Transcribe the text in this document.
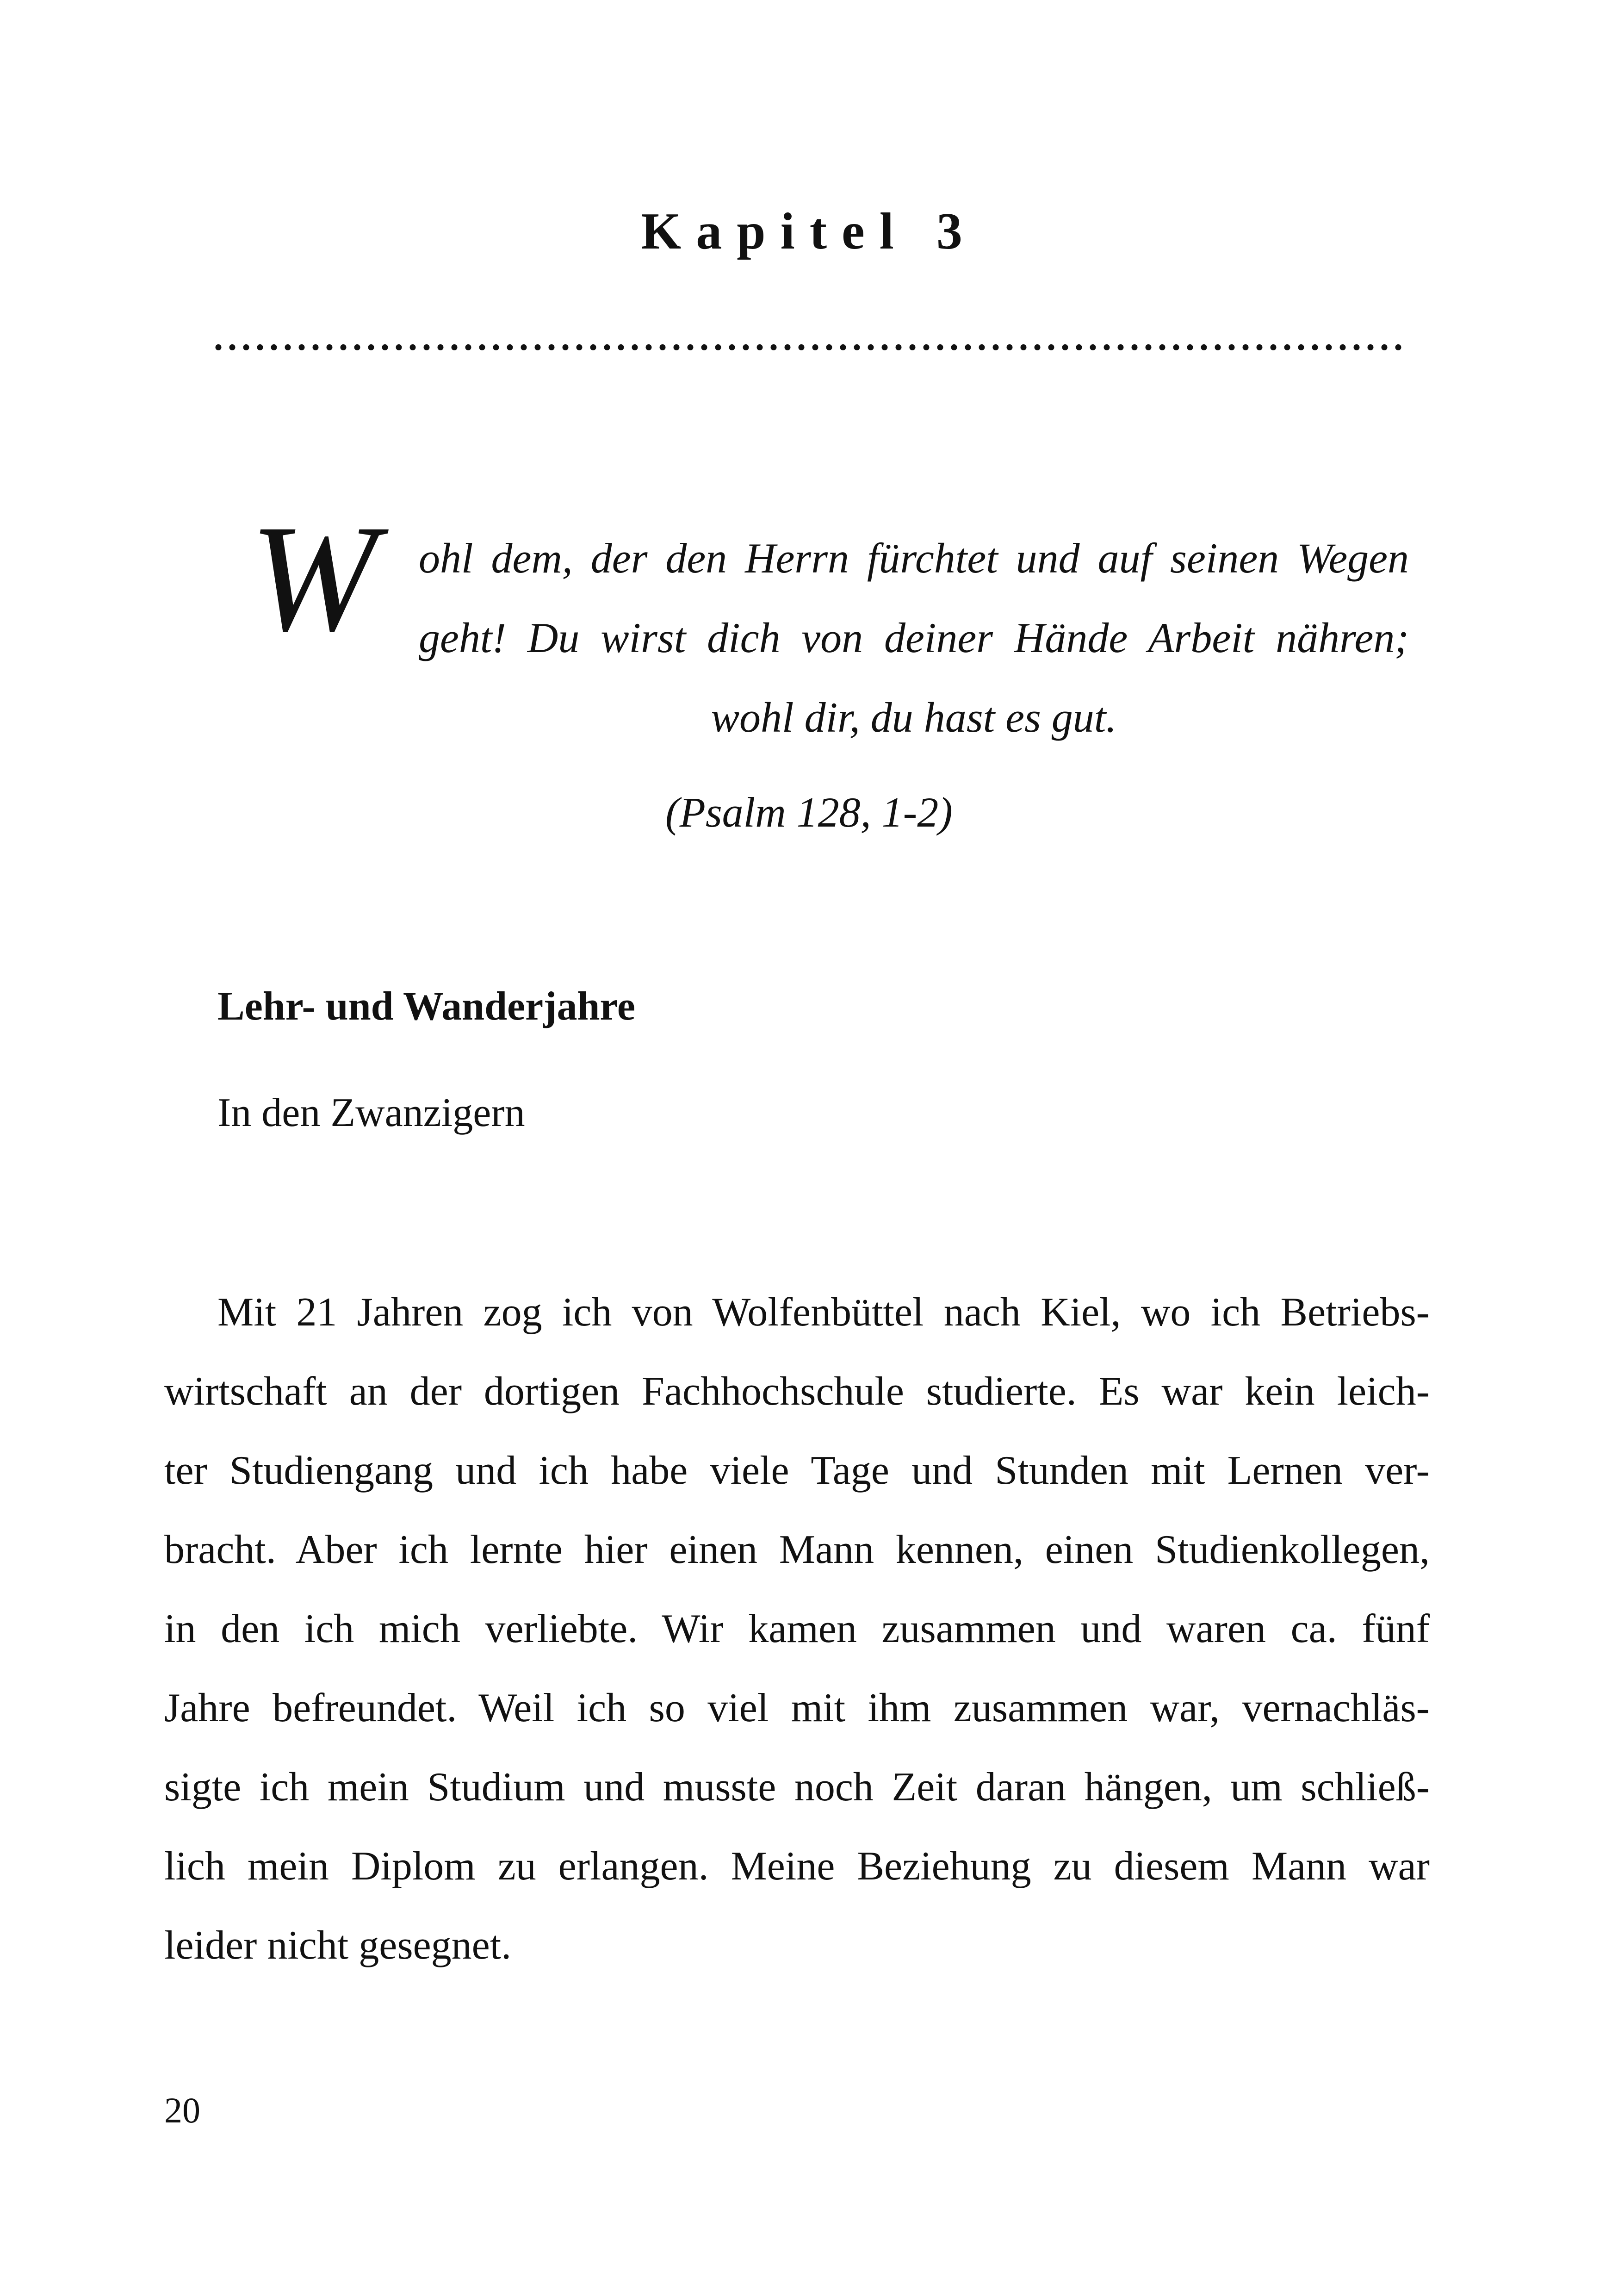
Kapitel 3
......................................................................................
W ohl dem, der den Herrn fürchtet und auf seinen Wegen geht! Du wirst dich von deiner Hände Arbeit nähren; wohl dir, du hast es gut.
(Psalm 128, 1-2)
Lehr- und Wanderjahre
In den Zwanzigern
Mit 21 Jahren zog ich von Wolfenbüttel nach Kiel, wo ich Betriebs-
wirtschaft an der dortigen Fachhochschule studierte. Es war kein leich-
ter Studiengang und ich habe viele Tage und Stunden mit Lernen ver-
bracht. Aber ich lernte hier einen Mann kennen, einen Studienkollegen,
in den ich mich verliebte. Wir kamen zusammen und waren ca. fünf
Jahre befreundet. Weil ich so viel mit ihm zusammen war, vernachläs-
sigte ich mein Studium und musste noch Zeit daran hängen, um schließ-
lich mein Diplom zu erlangen. Meine Beziehung zu diesem Mann war
leider nicht gesegnet.
20
